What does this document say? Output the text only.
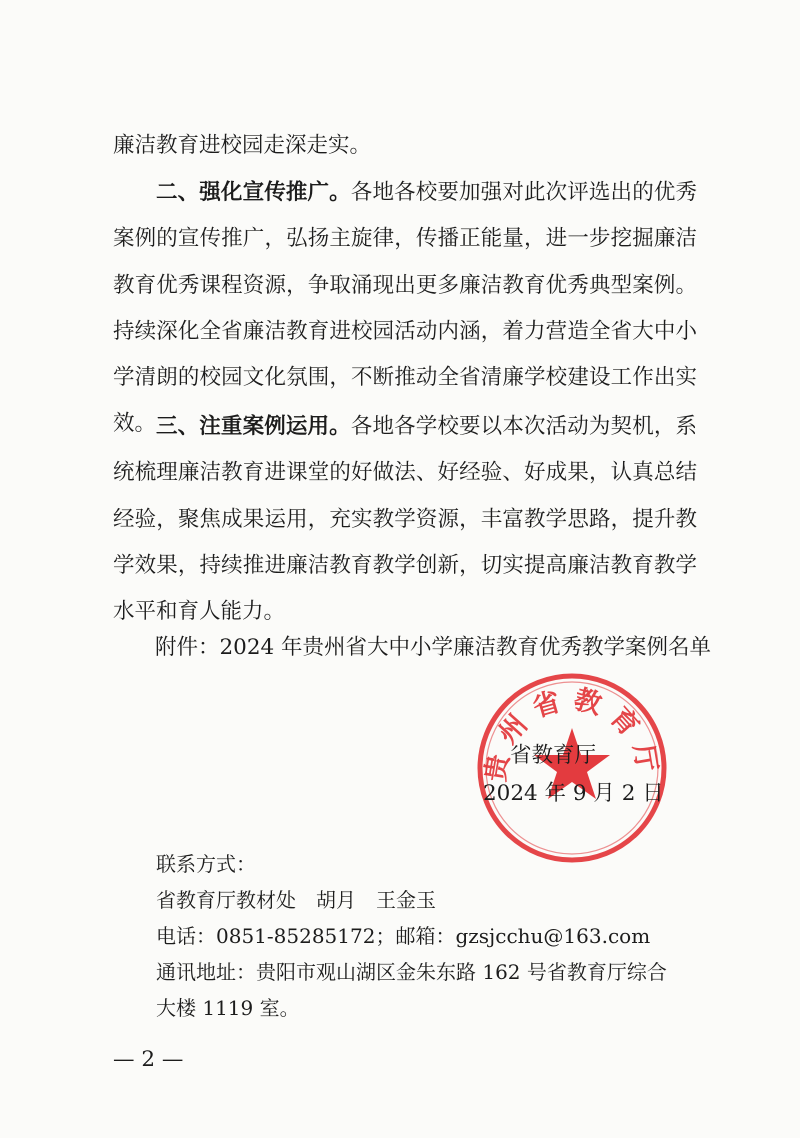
廉洁教育进校园走深走实。

二、强化宣传推广。各地各校要加强对此次评选出的优秀案例的宣传推广，弘扬主旋律，传播正能量，进一步挖掘廉洁教育优秀课程资源，争取涌现出更多廉洁教育优秀典型案例。持续深化全省廉洁教育进校园活动内涵，着力营造全省大中小学清朗的校园文化氛围，不断推动全省清廉学校建设工作出实效。 三、注重案例运用。各地各学校要以本次活动为契机，系统梳理廉洁教育进课堂的好做法、好经验、好成果，认真总结经验，聚焦成果运用，充实教学资源，丰富教学思路，提升教学效果，持续推进廉洁教育教学创新，切实提高廉洁教育教学水平和育人能力。

附件：2024 年贵州省大中小学廉洁教育优秀教学案例名单

贵州省教育厅

省教育厅

2024 年 9 月 2 日

联系方式：
省教育厅教材处　胡月　王金玉
电话：0851-85285172；邮箱：gzsjcchu@163.com
通讯地址：贵阳市观山湖区金朱东路 162 号省教育厅综合
大楼 1119 室。

— 2 —
